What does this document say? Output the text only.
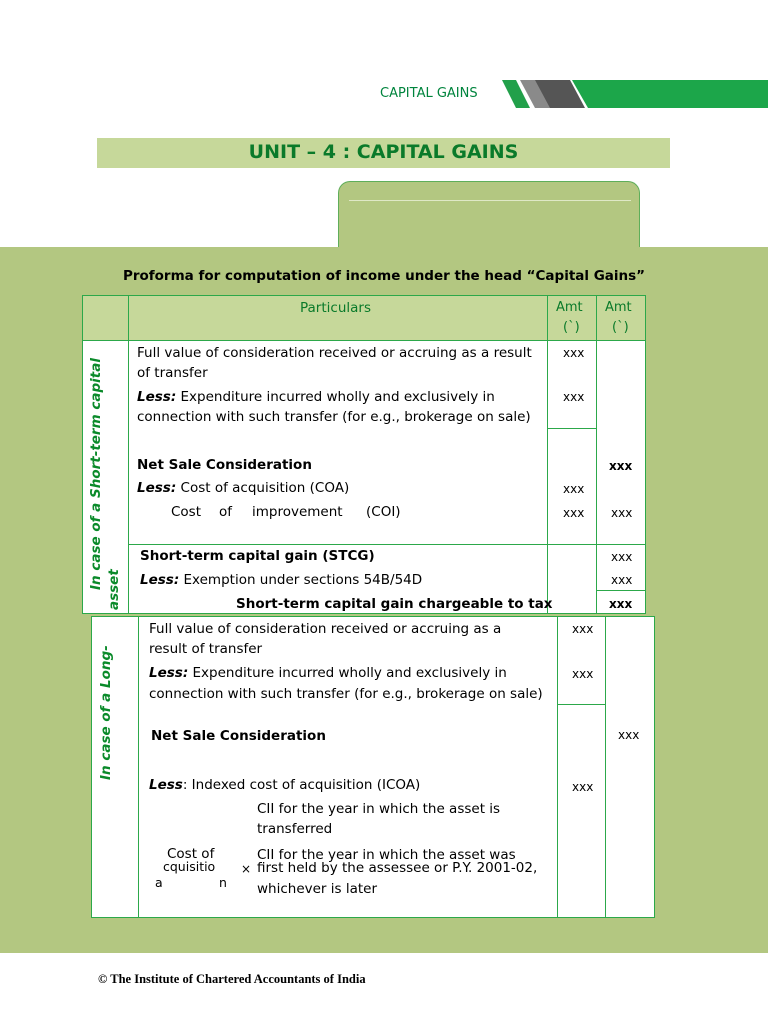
CAPITAL GAINS
UNIT – 4 : CAPITAL GAINS
Proforma for computation of income under the head “Capital Gains”
Particulars	Amt
(`)
Amt
(`)
In case of a Short-term capital asset
Full value of consideration received or accruing as a result
of transfer
Less: Expenditure incurred wholly and exclusively in
connection with such transfer (for e.g., brokerage on sale)
Net Sale Consideration
Less: Cost of acquisition (COA)
Cost of improvement (COI)
Short-term capital gain (STCG)
Less: Exemption under sections 54B/54D
Short-term capital gain chargeable to tax
xxx
xxx
xxx
xxx
xxx
xxx
xxx
xxx
xxx
In case of a Long-
Full value of consideration received or accruing as a
result of transfer
Less: Expenditure incurred wholly and exclusively in
connection with such transfer (for e.g., brokerage on sale)
Net Sale Consideration
Less: Indexed cost of acquisition (ICOA)
CII for the year in which the asset is
transferred
Cost of
cquisitio
a	n
×
CII for the year in which the asset was
first held by the assessee or P.Y. 2001-02,
whichever is later
xxx
xxx
xxx
xxx
© The Institute of Chartered Accountants of India
